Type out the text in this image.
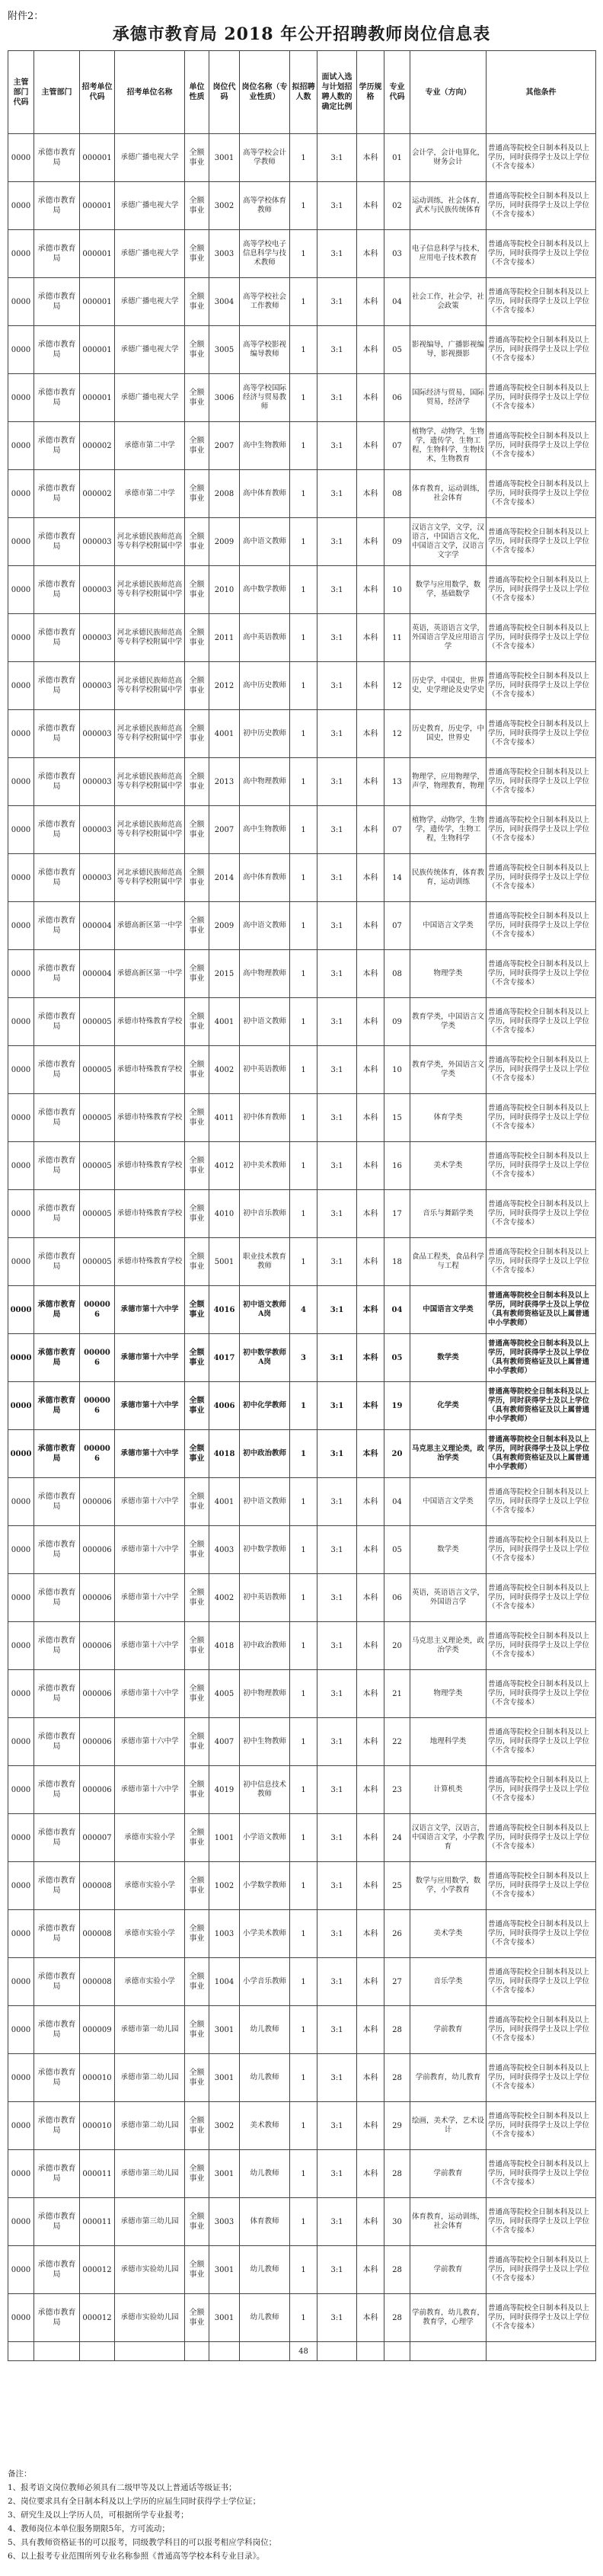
附件2：
承德市教育局 2018 年公开招聘教师岗位信息表
主管部门代码	主管部门	招考单位代码	招考单位名称	单位性质	岗位代码	岗位名称（专业性质）	拟招聘人数	面试入选与计划招聘人数的确定比例	学历规格	专业代码	专业（方向）	其他条件
0000	承德市教育局	000001	承德广播电视大学	全额事业	3001	高等学校会计学教师	1	3:1	本科	01	会计学，会计电算化，财务会计	普通高等院校全日制本科及以上学历，同时获得学士及以上学位（不含专接本）
0000	承德市教育局	000001	承德广播电视大学	全额事业	3002	高等学校体育教师	1	3:1	本科	02	运动训练，社会体育，武术与民族传统体育	普通高等院校全日制本科及以上学历，同时获得学士及以上学位（不含专接本）
0000	承德市教育局	000001	承德广播电视大学	全额事业	3003	高等学校电子信息科学与技术教师	1	3:1	本科	03	电子信息科学与技术，应用电子技术教育	普通高等院校全日制本科及以上学历，同时获得学士及以上学位（不含专接本）
0000	承德市教育局	000001	承德广播电视大学	全额事业	3004	高等学校社会工作教师	1	3:1	本科	04	社会工作，社会学，社会政策	普通高等院校全日制本科及以上学历，同时获得学士及以上学位（不含专接本）
0000	承德市教育局	000001	承德广播电视大学	全额事业	3005	高等学校影视编导教师	1	3:1	本科	05	影视编导，广播影视编导，影视摄影	普通高等院校全日制本科及以上学历，同时获得学士及以上学位（不含专接本）
0000	承德市教育局	000001	承德广播电视大学	全额事业	3006	高等学校国际经济与贸易教师	1	3:1	本科	06	国际经济与贸易，国际贸易，经济学	普通高等院校全日制本科及以上学历，同时获得学士及以上学位（不含专接本）
0000	承德市教育局	000002	承德市第二中学	全额事业	2007	高中生物教师	1	3:1	本科	07	植物学，动物学，生物学，遗传学，生物工程，生物科学，生物技术，生物教育	普通高等院校全日制本科及以上学历，同时获得学士及以上学位（不含专接本）
0000	承德市教育局	000002	承德市第二中学	全额事业	2008	高中体育教师	1	3:1	本科	08	体育教育，运动训练，社会体育	普通高等院校全日制本科及以上学历，同时获得学士及以上学位（不含专接本）
0000	承德市教育局	000003	河北承德民族师范高等专科学校附属中学	全额事业	2009	高中语文教师	1	3:1	本科	09	汉语言文学，文学，汉语言，中国语言文化，中国语言文学，汉语言文字学	普通高等院校全日制本科及以上学历，同时获得学士及以上学位（不含专接本）
0000	承德市教育局	000003	河北承德民族师范高等专科学校附属中学	全额事业	2010	高中数学教师	1	3:1	本科	10	数学与应用数学，数学，基础数学	普通高等院校全日制本科及以上学历，同时获得学士及以上学位（不含专接本）
0000	承德市教育局	000003	河北承德民族师范高等专科学校附属中学	全额事业	2011	高中英语教师	1	3:1	本科	11	英语，英语语言文学，外国语言学及应用语言学	普通高等院校全日制本科及以上学历，同时获得学士及以上学位（不含专接本）
0000	承德市教育局	000003	河北承德民族师范高等专科学校附属中学	全额事业	2012	高中历史教师	1	3:1	本科	12	历史学，中国史，世界史，史学理论及史学史	普通高等院校全日制本科及以上学历，同时获得学士及以上学位（不含专接本）
0000	承德市教育局	000003	河北承德民族师范高等专科学校附属中学	全额事业	4001	初中历史教师	1	3:1	本科	12	历史教育，历史学，中国史，世界史	普通高等院校全日制本科及以上学历，同时获得学士及以上学位（不含专接本）
0000	承德市教育局	000003	河北承德民族师范高等专科学校附属中学	全额事业	2013	高中物理教师	1	3:1	本科	13	物理学，应用物理学，声学，物理教育，物理	普通高等院校全日制本科及以上学历，同时获得学士及以上学位（不含专接本）
0000	承德市教育局	000003	河北承德民族师范高等专科学校附属中学	全额事业	2007	高中生物教师	1	3:1	本科	07	植物学，动物学，生物学，遗传学，生物工程，生物科学	普通高等院校全日制本科及以上学历，同时获得学士及以上学位（不含专接本）
0000	承德市教育局	000003	河北承德民族师范高等专科学校附属中学	全额事业	2014	高中体育教师	1	3:1	本科	14	民族传统体育，体育教育，运动训练	普通高等院校全日制本科及以上学历，同时获得学士及以上学位（不含专接本）
0000	承德市教育局	000004	承德高新区第一中学	全额事业	2009	高中语文教师	1	3:1	本科	07	中国语言文学类	普通高等院校全日制本科及以上学历，同时获得学士及以上学位（不含专接本）
0000	承德市教育局	000004	承德高新区第一中学	全额事业	2015	高中物理教师	1	3:1	本科	08	物理学类	普通高等院校全日制本科及以上学历，同时获得学士及以上学位（不含专接本）
0000	承德市教育局	000005	承德市特殊教育学校	全额事业	4001	初中语文教师	1	3:1	本科	09	教育学类，中国语言文学类	普通高等院校全日制本科及以上学历，同时获得学士及以上学位（不含专接本）
0000	承德市教育局	000005	承德市特殊教育学校	全额事业	4002	初中英语教师	1	3:1	本科	10	教育学类，外国语言文学类	普通高等院校全日制本科及以上学历，同时获得学士及以上学位（不含专接本）
0000	承德市教育局	000005	承德市特殊教育学校	全额事业	4011	初中体育教师	1	3:1	本科	15	体育学类	普通高等院校全日制本科及以上学历，同时获得学士及以上学位（不含专接本）
0000	承德市教育局	000005	承德市特殊教育学校	全额事业	4012	初中美术教师	1	3:1	本科	16	美术学类	普通高等院校全日制本科及以上学历，同时获得学士及以上学位（不含专接本）
0000	承德市教育局	000005	承德市特殊教育学校	全额事业	4010	初中音乐教师	1	3:1	本科	17	音乐与舞蹈学类	普通高等院校全日制本科及以上学历，同时获得学士及以上学位（不含专接本）
0000	承德市教育局	000005	承德市特殊教育学校	全额事业	5001	职业技术教育教师	1	3:1	本科	18	食品工程类，食品科学与工程	普通高等院校全日制本科及以上学历，同时获得学士及以上学位（不含专接本）
0000	承德市教育局	000006	承德市第十六中学	全额事业	4016	初中语文教师A岗	4	3:1	本科	04	中国语言文学类	普通高等院校全日制本科及以上学历，同时获得学士及以上学位（具有教师资格证及以上属普通中小学教师）
0000	承德市教育局	000006	承德市第十六中学	全额事业	4017	初中数学教师A岗	3	3:1	本科	05	数学类	普通高等院校全日制本科及以上学历，同时获得学士及以上学位（具有教师资格证及以上属普通中小学教师）
0000	承德市教育局	000006	承德市第十六中学	全额事业	4006	初中化学教师	1	3:1	本科	19	化学类	普通高等院校全日制本科及以上学历，同时获得学士及以上学位（具有教师资格证及以上属普通中小学教师）
0000	承德市教育局	000006	承德市第十六中学	全额事业	4018	初中政治教师	1	3:1	本科	20	马克思主义理论类，政治学类	普通高等院校全日制本科及以上学历，同时获得学士及以上学位（具有教师资格证及以上属普通中小学教师）
0000	承德市教育局	000006	承德市第十六中学	全额事业	4001	初中语文教师	1	3:1	本科	04	中国语言文学类	普通高等院校全日制本科及以上学历，同时获得学士及以上学位（不含专接本）
0000	承德市教育局	000006	承德市第十六中学	全额事业	4003	初中数学教师	1	3:1	本科	05	数学类	普通高等院校全日制本科及以上学历，同时获得学士及以上学位（不含专接本）
0000	承德市教育局	000006	承德市第十六中学	全额事业	4002	初中英语教师	1	3:1	本科	06	英语，英语语言文学，外国语言学	普通高等院校全日制本科及以上学历，同时获得学士及以上学位（不含专接本）
0000	承德市教育局	000006	承德市第十六中学	全额事业	4018	初中政治教师	1	3:1	本科	20	马克思主义理论类，政治学类	普通高等院校全日制本科及以上学历，同时获得学士及以上学位（不含专接本）
0000	承德市教育局	000006	承德市第十六中学	全额事业	4005	初中物理教师	1	3:1	本科	21	物理学类	普通高等院校全日制本科及以上学历，同时获得学士及以上学位（不含专接本）
0000	承德市教育局	000006	承德市第十六中学	全额事业	4007	初中生物教师	1	3:1	本科	22	地理科学类	普通高等院校全日制本科及以上学历，同时获得学士及以上学位（不含专接本）
0000	承德市教育局	000006	承德市第十六中学	全额事业	4019	初中信息技术教师	1	3:1	本科	23	计算机类	普通高等院校全日制本科及以上学历，同时获得学士及以上学位（不含专接本）
0000	承德市教育局	000007	承德市实验小学	全额事业	1001	小学语文教师	1	3:1	本科	24	汉语言文学，汉语言，中国语言文学，小学教育	普通高等院校全日制本科及以上学历，同时获得学士及以上学位（不含专接本）
0000	承德市教育局	000008	承德市实验小学	全额事业	1002	小学数学教师	1	3:1	本科	25	数学与应用数学，数学，小学教育	普通高等院校全日制本科及以上学历，同时获得学士及以上学位（不含专接本）
0000	承德市教育局	000008	承德市实验小学	全额事业	1003	小学美术教师	1	3:1	本科	26	美术学类	普通高等院校全日制本科及以上学历，同时获得学士及以上学位（不含专接本）
0000	承德市教育局	000008	承德市实验小学	全额事业	1004	小学音乐教师	1	3:1	本科	27	音乐学类	普通高等院校全日制本科及以上学历，同时获得学士及以上学位（不含专接本）
0000	承德市教育局	000009	承德市第一幼儿园	全额事业	3001	幼儿教师	1	3:1	本科	28	学前教育	普通高等院校全日制本科及以上学历，同时获得学士及以上学位（不含专接本）
0000	承德市教育局	000010	承德市第二幼儿园	全额事业	3001	幼儿教师	1	3:1	本科	28	学前教育，幼儿教育	普通高等院校全日制本科及以上学历，同时获得学士及以上学位（不含专接本）
0000	承德市教育局	000010	承德市第二幼儿园	全额事业	3002	美术教师	1	3:1	本科	29	绘画，美术学，艺术设计	普通高等院校全日制本科及以上学历，同时获得学士及以上学位（不含专接本）
0000	承德市教育局	000011	承德市第三幼儿园	全额事业	3001	幼儿教师	1	3:1	本科	28	学前教育	普通高等院校全日制本科及以上学历，同时获得学士及以上学位（不含专接本）
0000	承德市教育局	000011	承德市第三幼儿园	全额事业	3003	体育教师	1	3:1	本科	30	体育教育，运动训练，社会体育	普通高等院校全日制本科及以上学历，同时获得学士及以上学位（不含专接本）
0000	承德市教育局	000012	承德市实验幼儿园	全额事业	3001	幼儿教师	1	3:1	本科	28	学前教育	普通高等院校全日制本科及以上学历，同时获得学士及以上学位（不含专接本）
0000	承德市教育局	000012	承德市实验幼儿园	全额事业	3001	幼儿教师	1	3:1	本科	28	学前教育，幼儿教育，教育学，心理学	普通高等院校全日制本科及以上学历，同时获得学士及以上学位（不含专接本）
							48					
备注：
1、报考语文岗位教师必须具有二级甲等及以上普通话等级证书；
2、岗位要求具有全日制本科及以上学历的应届生同时获得学士学位证；
3、研究生及以上学历人员，可根据所学专业报考；
4、教师岗位本单位服务期限5年，方可流动；
5、具有教师资格证书的可以报考，同级教学科目的可以报考相应学科岗位；
6、以上报考专业范围所列专业名称参照《普通高等学校本科专业目录》。
